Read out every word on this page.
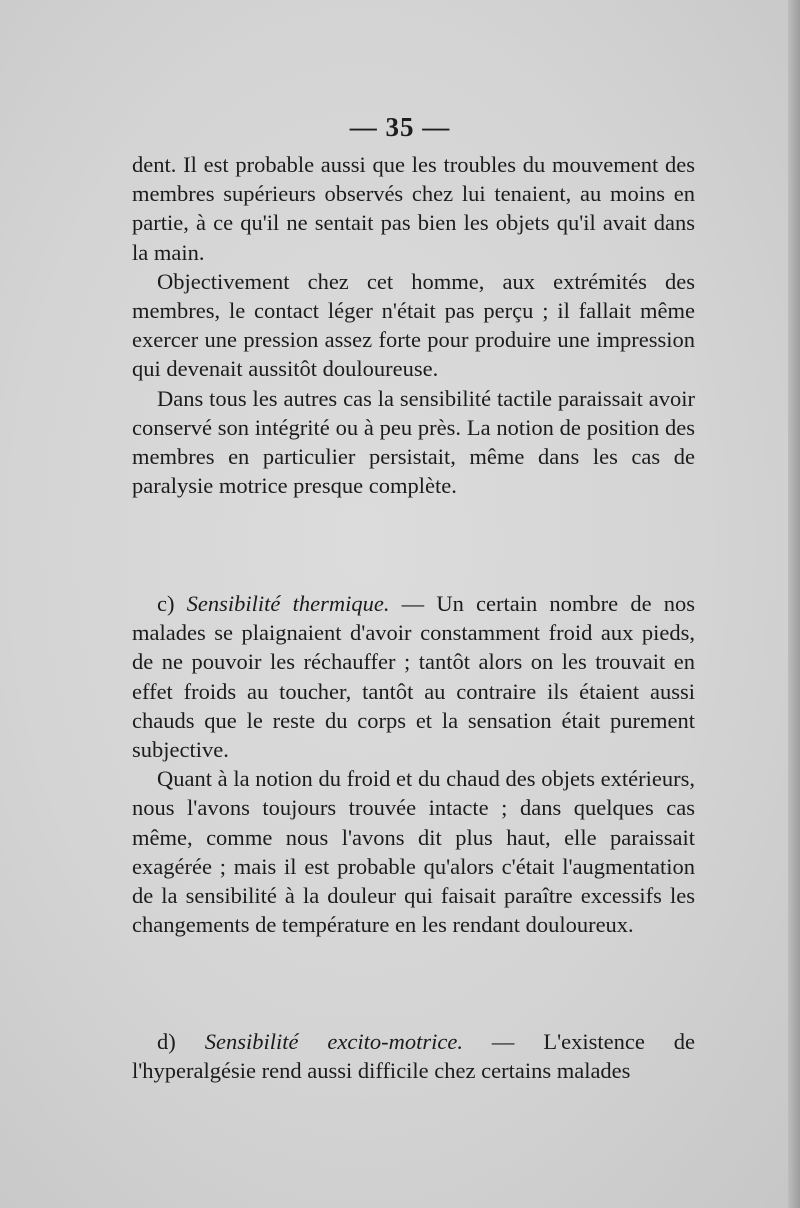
— 35 —

dent. Il est probable aussi que les troubles du mouvement des membres supérieurs observés chez lui tenaient, au moins en partie, à ce qu'il ne sentait pas bien les objets qu'il avait dans la main.

Objectivement chez cet homme, aux extrémités des membres, le contact léger n'était pas perçu ; il fallait même exercer une pression assez forte pour produire une impression qui devenait aussitôt douloureuse.

Dans tous les autres cas la sensibilité tactile paraissait avoir conservé son intégrité ou à peu près. La notion de position des membres en particulier persistait, même dans les cas de paralysie motrice presque complète.

c) Sensibilité thermique. — Un certain nombre de nos malades se plaignaient d'avoir constamment froid aux pieds, de ne pouvoir les réchauffer ; tantôt alors on les trouvait en effet froids au toucher, tantôt au contraire ils étaient aussi chauds que le reste du corps et la sensation était purement subjective.

Quant à la notion du froid et du chaud des objets extérieurs, nous l'avons toujours trouvée intacte ; dans quelques cas même, comme nous l'avons dit plus haut, elle paraissait exagérée ; mais il est probable qu'alors c'était l'augmentation de la sensibilité à la douleur qui faisait paraître excessifs les changements de température en les rendant douloureux.

d) Sensibilité excito-motrice. — L'existence de l'hyperalgésie rend aussi difficile chez certains malades
